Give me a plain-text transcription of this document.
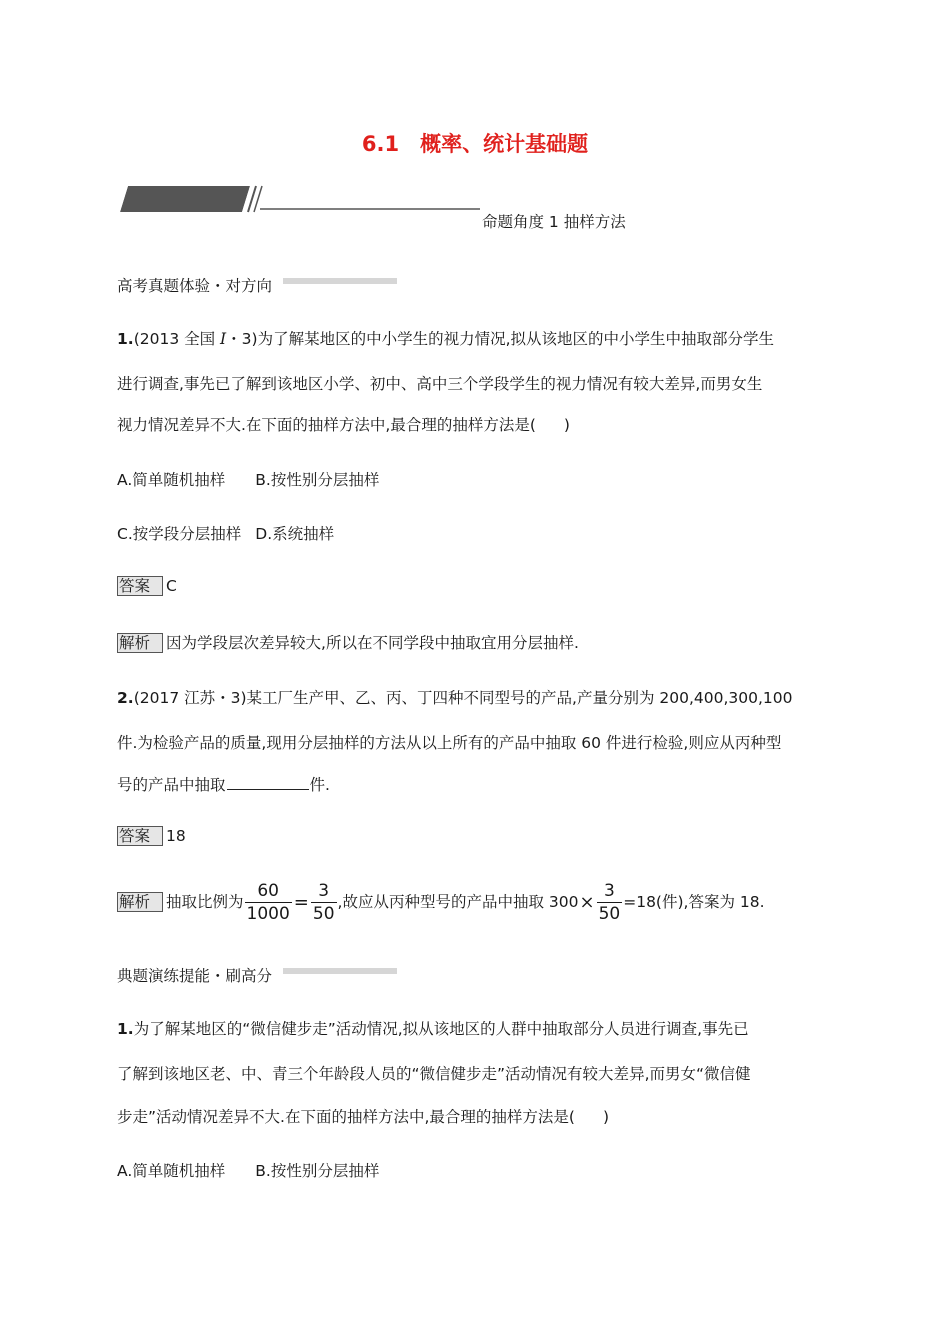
6.1　概率、统计基础题
命题角度 1 抽样方法
高考真题体验・对方向
1.(2013 全国 Ⅰ・3)为了解某地区的中小学生的视力情况,拟从该地区的中小学生中抽取部分学生
进行调查,事先已了解到该地区小学、初中、高中三个学段学生的视力情况有较大差异,而男女生
视力情况差异不大.在下面的抽样方法中,最合理的抽样方法是( )
A.简单随机抽样 B.按性别分层抽样
C.按学段分层抽样 D.系统抽样
答案 C
解析 因为学段层次差异较大,所以在不同学段中抽取宜用分层抽样.
2.(2017 江苏・3)某工厂生产甲、乙、丙、丁四种不同型号的产品,产量分别为 200,400,300,100
件.为检验产品的质量,现用分层抽样的方法从以上所有的产品中抽取 60 件进行检验,则应从丙种型
号的产品中抽取	件.
答案 18
解析 抽取比例为 $\frac{60}{1000} = \frac{3}{50}$ ,故应从丙种型号的产品中抽取 $300\times \frac{3}{50} =18$(件),答案为 18.
典题演练提能・刷高分
1.为了解某地区的“微信健步走”活动情况,拟从该地区的人群中抽取部分人员进行调查,事先已
了解到该地区老、中、青三个年龄段人员的“微信健步走”活动情况有较大差异,而男女“微信健
步走”活动情况差异不大.在下面的抽样方法中,最合理的抽样方法是( )
A.简单随机抽样 B.按性别分层抽样
